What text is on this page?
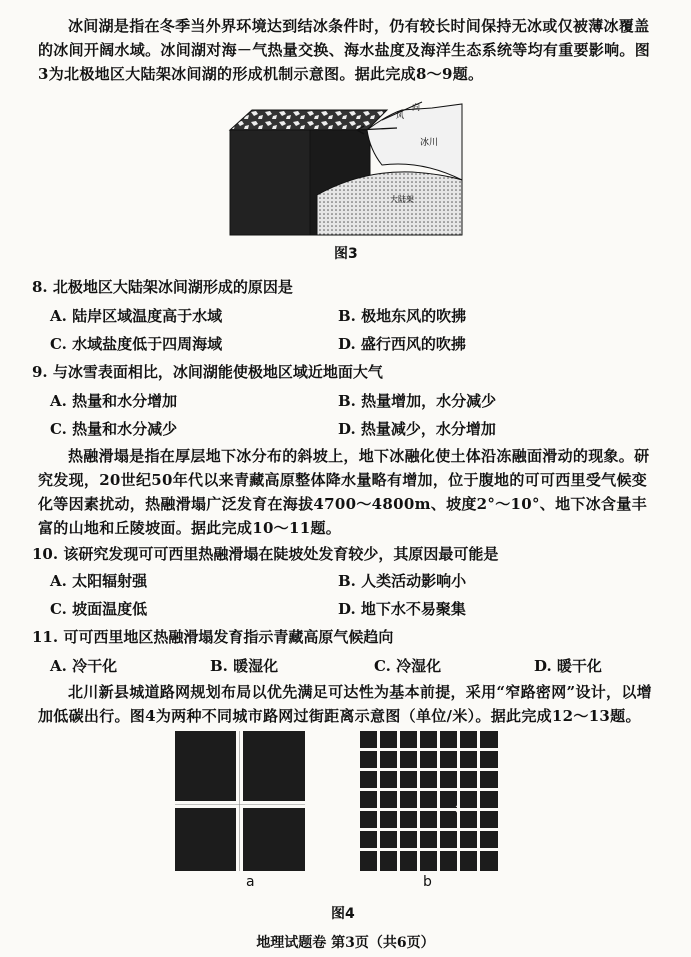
冰间湖是指在冬季当外界环境达到结冰条件时，仍有较长时间保持无冰或仅被薄冰覆盖的冰间开阔水域。冰间湖对海－气热量交换、海水盐度及海洋生态系统等均有重要影响。图3为北极地区大陆架冰间湖的形成机制示意图。据此完成8～9题。
风
向
冰川
大陆架
图3
8. 北极地区大陆架冰间湖形成的原因是
A. 陆岸区域温度高于水域	B. 极地东风的吹拂
C. 水域盐度低于四周海域	D. 盛行西风的吹拂
9. 与冰雪表面相比，冰间湖能使极地区域近地面大气
A. 热量和水分增加	B. 热量增加，水分减少
C. 热量和水分减少	D. 热量减少，水分增加
热融滑塌是指在厚层地下冰分布的斜坡上，地下冰融化使土体沿冻融面滑动的现象。研究发现，20世纪50年代以来青藏高原整体降水量略有增加，位于腹地的可可西里受气候变化等因素扰动，热融滑塌广泛发育在海拔4700～4800m、坡度2°～10°、地下冰含量丰富的山地和丘陵坡面。据此完成10～11题。
10. 该研究发现可可西里热融滑塌在陡坡处发育较少，其原因最可能是
A. 太阳辐射强	B. 人类活动影响小
C. 坡面温度低	D. 地下水不易聚集
11. 可可西里地区热融滑塌发育指示青藏高原气候趋向
A. 冷干化	B. 暖湿化	C. 冷湿化	D. 暖干化
北川新县城道路网规划布局以优先满足可达性为基本前提，采用“窄路密网”设计，以增加低碳出行。图4为两种不同城市路网过街距离示意图（单位/米）。据此完成12～13题。
a	b
图4
地理试题卷 第3页（共6页）
